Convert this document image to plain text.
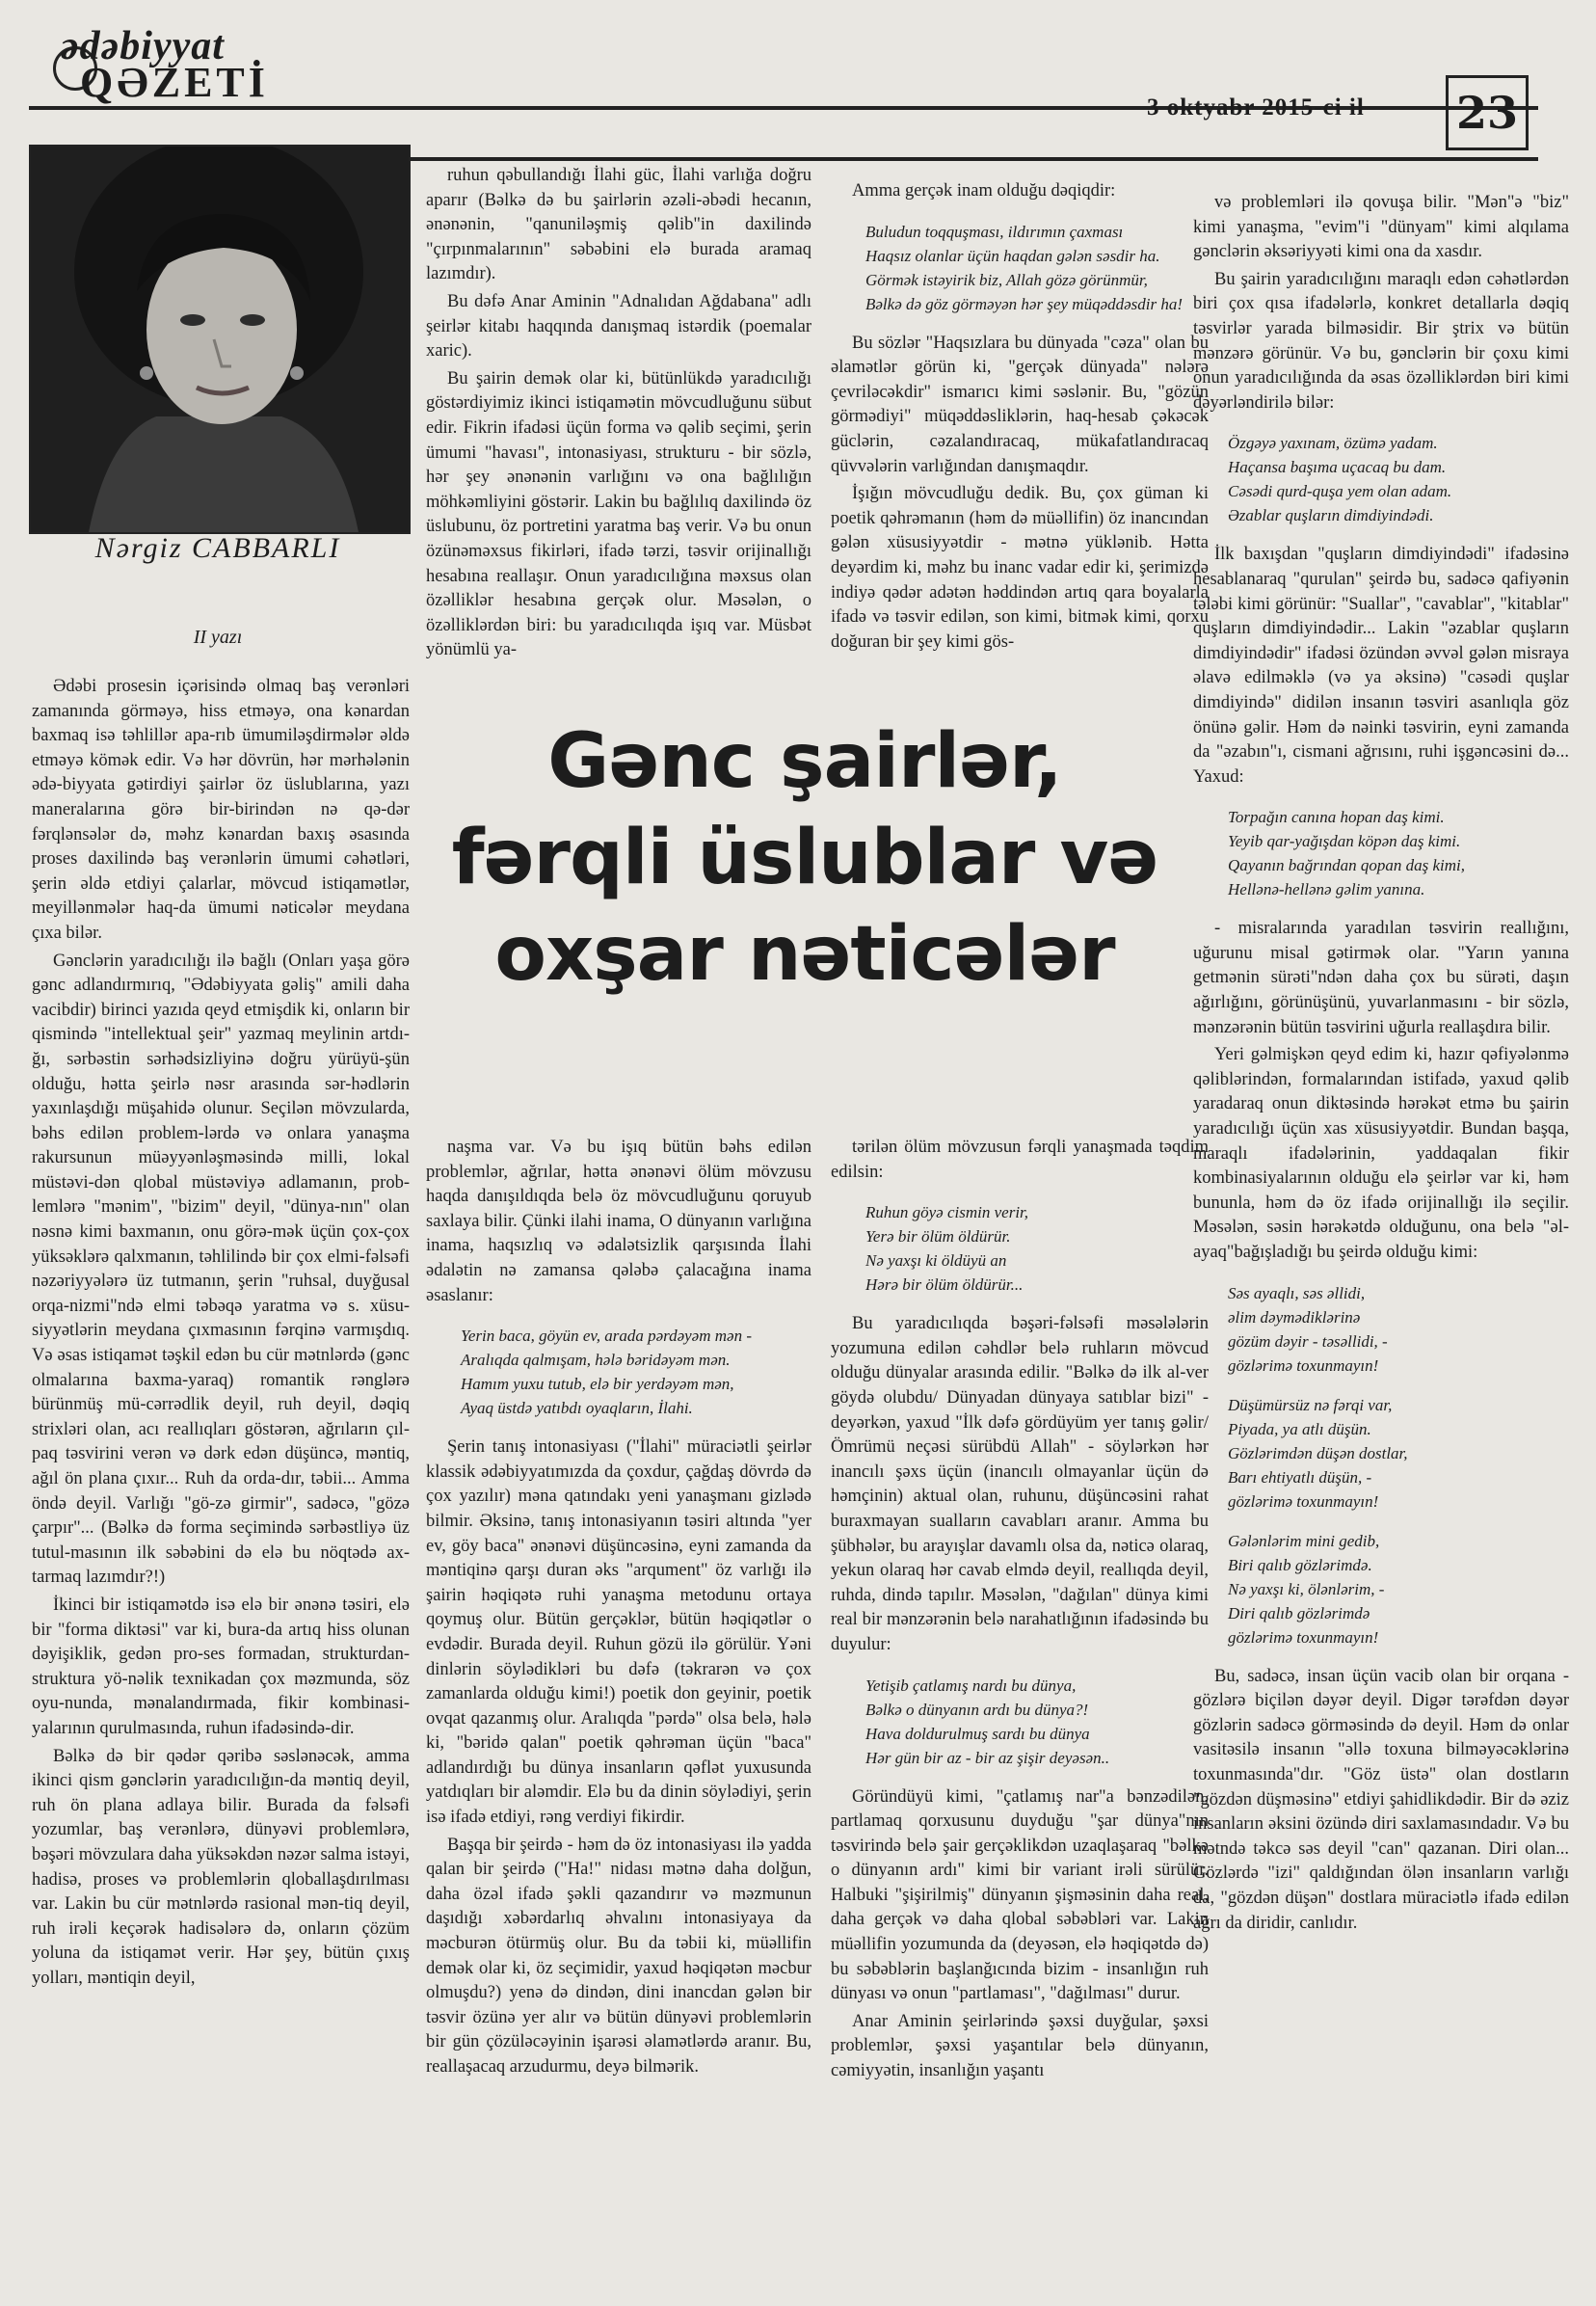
ədəbiyyat
QƏZETİ
3 oktyabr 2015-ci il 23
Nərgiz CABBARLI
II yazı
Gənc şairlər,
fərqli üslublar və
oxşar nəticələr

Ədəbi prosesin içərisində olmaq baş verənləri zamanında görməyə, hiss etməyə, ona kənardan baxmaq isə təhlillər apa-rıb ümumiləşdirmələr əldə etməyə kömək edir. Və hər dövrün, hər mərhələnin ədə-biyyata gətirdiyi şairlər öz üslublarına, yazı maneralarına görə bir-birindən nə qə-dər fərqlənsələr də, məhz kənardan baxış əsasında proses daxilində baş verənlərin ümumi cəhətləri, şerin əldə etdiyi çalarlar, mövcud istiqamətlər, meyillənmələr haq-da ümumi nəticələr meydana çıxa bilər.

Gənclərin yaradıcılığı ilə bağlı (Onları yaşa görə gənc adlandırmırıq, "Ədəbiyyata gəliş" amili daha vacibdir) birinci yazıda qeyd etmişdik ki, onların bir qismində "intellektual şeir" yazmaq meylinin artdı-ğı, sərbəstin sərhədsizliyinə doğru yürüyü-şün olduğu, hətta şeirlə nəsr arasında sər-hədlərin yaxınlaşdığı müşahidə olunur. Seçilən mövzularda, bəhs edilən problem-lərdə və onlara yanaşma rakursunun müəyyənləşməsində milli, lokal müstəvi-dən qlobal müstəviyə adlamanın, prob-lemlərə "mənim", "bizim" deyil, "dünya-nın" olan nəsnə kimi baxmanın, onu görə-mək üçün çox-çox yüksəklərə qalxmanın, təhlilində bir çox elmi-fəlsəfi nəzəriyyələrə üz tutmanın, şerin "ruhsal, duyğusal orqa-nizmi"ndə elmi təbəqə yaratma və s. xüsu-siyyətlərin meydana çıxmasının fərqinə varmışdıq. Və əsas istiqamət təşkil edən bu cür mətnlərdə (gənc olmalarına baxma-yaraq) romantik rənglərə bürünmüş mü-cərrədlik deyil, ruh deyil, dəqiq strixləri olan, acı reallıqları göstərən, ağrıların çıl-paq təsvirini verən və dərk edən düşüncə, məntiq, ağıl ön plana çıxır... Ruh da orda-dır, təbii... Amma öndə deyil. Varlığı "gö-zə girmir", sadəcə, "gözə çarpır"... (Bəlkə də forma seçimində sərbəstliyə üz tutul-masının ilk səbəbini də elə bu nöqtədə ax-tarmaq lazımdır?!)

İkinci bir istiqamətdə isə elə bir ənənə təsiri, elə bir "forma diktəsi" var ki, bura-da artıq hiss olunan dəyişiklik, gedən pro-ses formadan, strukturdan-struktura yö-nəlik texnikadan çox məzmunda, söz oyu-nunda, mənalandırmada, fikir kombinasi-yalarının qurulmasında, ruhun ifadəsində-dir.

Bəlkə də bir qədər qəribə səslənəcək, amma ikinci qism gənclərin yaradıcılığın-da məntiq deyil, ruh ön plana adlaya bilir. Burada da fəlsəfi yozumlar, baş verənlərə, dünyəvi problemlərə, bəşəri mövzulara daha yüksəkdən nəzər salma istəyi, hadisə, proses və problemlərin qloballaşdırılması var. Lakin bu cür mətnlərdə rasional mən-tiq deyil, ruh irəli keçərək hadisələrə də, onların çözüm yoluna da istiqamət verir. Hər şey, bütün çıxış yolları, məntiqin deyil,

ruhun qəbullandığı İlahi güc, İlahi varlığa doğru aparır (Bəlkə də bu şairlərin əzəli-əbədi hecanın, ənənənin, "qanuniləşmiş qəlib"in daxilində "çırpınmalarının" səbəbini elə burada aramaq lazımdır).

Bu dəfə Anar Aminin "Adnalıdan Ağdabana" adlı şeirlər kitabı haqqında danışmaq istərdik (poemalar xaric).

Bu şairin demək olar ki, bütünlükdə yaradıcılığı göstərdiyimiz ikinci istiqamətin mövcudluğunu sübut edir. Fikrin ifadəsi üçün forma və qəlib seçimi, şerin ümumi "havası", intonasiyası, strukturu - bir sözlə, hər şey ənənənin varlığını və ona bağlılığın möhkəmliyini göstərir. Lakin bu bağlılıq daxilində öz üslubunu, öz portretini yaratma baş verir. Və bu onun özünəməxsus fikirləri, ifadə tərzi, təsvir orijinallığı hesabına reallaşır. Onun yaradıcılığına məxsus olan özəlliklər hesabına gerçək olur. Məsələn, o özəlliklərdən biri: bu yaradıcılıqda işıq var. Müsbət yönümlü ya-

Amma gerçək inam olduğu dəqiqdir:

Buludun toqquşması, ildırımın çaxması
Haqsız olanlar üçün haqdan gələn səsdir ha.
Görmək istəyirik biz, Allah gözə görünmür,
Bəlkə də göz görməyən hər şey müqəddəsdir ha!

Bu sözlər "Haqsızlara bu dünyada "cəza" olan bu əlamətlər görün ki, "gerçək dünyada" nələrə çevriləcəkdir" ismarıcı kimi səslənir. Bu, "gözün görmədiyi" müqəddəsliklərin, haq-hesab çəkəcək güclərin, cəzalandıracaq, mükafatlandıracaq qüvvələrin varlığından danışmaqdır.

İşığın mövcudluğu dedik. Bu, çox güman ki poetik qəhrəmanın (həm də müəllifin) öz inancından gələn xüsusiyyətdir - mətnə yüklənib. Hətta deyərdim ki, məhz bu inanc vadar edir ki, şerimizdə indiyə qədər adətən həddindən artıq qara boyalarla ifadə və təsvir edilən, son kimi, bitmək kimi, qorxu doğuran bir şey kimi gös-

və problemləri ilə qovuşa bilir. "Mən"ə "biz" kimi yanaşma, "evim"i "dünyam" kimi alqılama gənclərin əksəriyyəti kimi ona da xasdır.

Bu şairin yaradıcılığını maraqlı edən cəhətlərdən biri çox qısa ifadələrlə, konkret detallarla dəqiq təsvirlər yarada bilməsidir. Bir ştrix və bütün mənzərə görünür. Və bu, gənclərin bir çoxu kimi onun yaradıcılığında da əsas özəlliklərdən biri kimi dəyərləndirilə bilər:

Özgəyə yaxınam, özümə yadam.
Haçansa başıma uçacaq bu dam.
Cəsədi qurd-quşa yem olan adam.
Əzablar quşların dimdiyindədi.

İlk baxışdan "quşların dimdiyindədi" ifadəsinə hesablanaraq "qurulan" şeirdə bu, sadəcə qafiyənin tələbi kimi görünür: "Suallar", "cavablar", "kitablar" quşların dimdiyindədir... Lakin "əzablar quşların dimdiyindədir" ifadəsi özündən əvvəl gələn misraya əlavə edilməklə (və ya əksinə) "cəsədi quşlar dimdiyində" didilən insanın təsviri asanlıqla göz önünə gəlir. Həm də nəinki təsvirin, eyni zamanda da "əzabın"ı, cismani ağrısını, ruhi işgəncəsini də... Yaxud:

Torpağın canına hopan daş kimi.
Yeyib qar-yağışdan köpən daş kimi.
Qayanın bağrından qopan daş kimi,
Hellənə-hellənə gəlim yanına.

- misralarında yaradılan təsvirin reallığını, uğurunu misal gətirmək olar. "Yarın yanına getmənin sürəti"ndən daha çox bu sürəti, daşın ağırlığını, görünüşünü, yuvarlanmasını - bir sözlə, mənzərənin bütün təsvirini uğurla reallaşdıra bilir.

Yeri gəlmişkən qeyd edim ki, hazır qəfiyələnmə qəliblərindən, formalarından istifadə, yaxud qəlib yaradaraq onun diktəsində hərəkət etmə bu şairin yaradıcılığı üçün xas xüsusiyyətdir. Bundan başqa, maraqlı ifadələrinin, yaddaqalan fikir kombinasiyalarının olduğu elə şeirlər var ki, həm bununla, həm də öz ifadə orijinallığı ilə seçilir. Məsələn, səsin hərəkətdə olduğunu, ona belə "əl-ayaq"bağışladığı bu şeirdə olduğu kimi:

Səs ayaqlı, səs əllidi,
əlim dəymədiklərinə
gözüm dəyir - təsəllidi, -
gözlərimə toxunmayın!

Düşümürsüz nə fərqi var,
Piyada, ya atlı düşün.
Gözlərimdən düşən dostlar,
Barı ehtiyatlı düşün, -
gözlərimə toxunmayın!

Gələnlərim mini gedib,
Biri qalıb gözlərimdə.
Nə yaxşı ki, ölənlərim, -
Diri qalıb gözlərimdə
gözlərimə toxunmayın!

Bu, sadəcə, insan üçün vacib olan bir orqana - gözlərə biçilən dəyər deyil. Digər tərəfdən dəyər gözlərin sadəcə görməsində də deyil. Həm də onlar vasitəsilə insanın "əllə toxuna bilməyəcəklərinə toxunmasında"dır. "Göz üstə" olan dostların "gözdən düşməsinə" etdiyi şahidlikdədir. Bir də əziz insanların əksini özündə diri saxlamasındadır. Və bu mətndə təkcə səs deyil "can" qazanan. Diri olan... Gözlərdə "izi" qaldığından ölən insanların varlığı da, "gözdən düşən" dostlara müraciətlə ifadə edilən ağrı da diridir, canlıdır.

naşma var. Və bu işıq bütün bəhs edilən problemlər, ağrılar, hətta ənənəvi ölüm mövzusu haqda danışıldıqda belə öz mövcudluğunu qoruyub saxlaya bilir. Çünki ilahi inama, O dünyanın varlığına inama, haqsızlıq və ədalətsizlik qarşısında İlahi ədalətin nə zamansa qələbə çalacağına inama əsaslanır:

Yerin baca, göyün ev, arada pərdəyəm mən -
Aralıqda qalmışam, hələ bəridəyəm mən.
Hamım yuxu tutub, elə bir yerdəyəm mən,
Ayaq üstdə yatıbdı oyaqların, İlahi.

Şerin tanış intonasiyası ("İlahi" müraciətli şeirlər klassik ədəbiyyatımızda da çoxdur, çağdaş dövrdə də çox yazılır) məna qatındakı yeni yanaşmanı gizlədə bilmir. Əksinə, tanış intonasiyanın təsiri altında "yer ev, göy baca" ənənəvi düşüncəsinə, eyni zamanda da məntiqinə qarşı duran əks "arqument" öz varlığı ilə şairin həqiqətə ruhi yanaşma metodunu ortaya qoymuş olur. Bütün gerçəklər, bütün həqiqətlər o evdədir. Burada deyil. Ruhun gözü ilə görülür. Yəni dinlərin söylədikləri bu dəfə (təkrarən və çox zamanlarda olduğu kimi!) poetik don geyinir, poetik ovqat qazanmış olur. Aralıqda "pərdə" olsa belə, hələ ki, "bəridə qalan" poetik qəhrəman üçün "baca" adlandırdığı bu dünya insanların qəflət yuxusunda yatdıqları bir aləmdir. Elə bu da dinin söylədiyi, şerin isə ifadə etdiyi, rəng verdiyi fikirdir.

Başqa bir şeirdə - həm də öz intonasiyası ilə yadda qalan bir şeirdə ("Ha!" nidası mətnə daha dolğun, daha özəl ifadə şəkli qazandırır və məzmunun daşıdığı xəbərdarlıq əhvalını intonasiyaya da məcburən ötürmüş olur. Bu da təbii ki, müəllifin demək olar ki, öz seçimidir, yaxud həqiqətən məcbur olmuşdu?) yenə də dindən, dini inancdan gələn bir təsvir özünə yer alır və bütün dünyəvi problemlərin bir gün çözüləcəyinin işarəsi əlamətlərdə aranır. Bu, reallaşacaq arzudurmu, deyə bilmərik.

tərilən ölüm mövzusun fərqli yanaşmada təqdim edilsin:

Ruhun göyə cismin verir,
Yerə bir ölüm öldürür.
Nə yaxşı ki öldüyü an
Hərə bir ölüm öldürür...

Bu yaradıcılıqda bəşəri-fəlsəfi məsələlərin yozumuna edilən cəhdlər belə ruhların mövcud olduğu dünyalar arasında edilir. "Bəlkə də ilk al-ver göydə olubdu/ Dünyadan dünyaya satıblar bizi" - deyərkən, yaxud "İlk dəfə gördüyüm yer tanış gəlir/Ömrümü neçəsi sürübdü Allah" - söylərkən hər inancılı şəxs üçün (inancılı olmayanlar üçün də həmçinin) aktual olan, ruhunu, düşüncəsini rahat buraxmayan sualların cavabları aranır. Amma bu şübhələr, bu arayışlar davamlı olsa da, nəticə olaraq, yekun olaraq hər cavab elmdə deyil, reallıqda deyil, ruhda, dində tapılır. Məsələn, "dağılan" dünya kimi real bir mənzərənin belə narahatlığının ifadəsində bu duyulur:

Yetişib çatlamış nardı bu dünya,
Bəlkə o dünyanın ardı bu dünya?!
Hava doldurulmuş sardı bu dünya
Hər gün bir az - bir az şişir deyəsən..

Göründüyü kimi, "çatlamış nar"a bənzədilən, partlamaq qorxusunu duyduğu "şar dünya"nın təsvirində belə şair gerçəklikdən uzaqlaşaraq "bəlkə o dünyanın ardı" kimi bir variant irəli sürülür. Halbuki "şişirilmiş" dünyanın şişməsinin daha real, daha gerçək və daha qlobal səbəbləri var. Lakin müəllifin yozumunda da (deyəsən, elə həqiqətdə də) bu səbəblərin başlanğıcında bizim - insanlığın ruh dünyası və onun "partlaması", "dağılması" durur.

Anar Aminin şeirlərində şəxsi duyğular, şəxsi problemlər, şəxsi yaşantılar belə dünyanın, cəmiyyətin, insanlığın yaşantı
